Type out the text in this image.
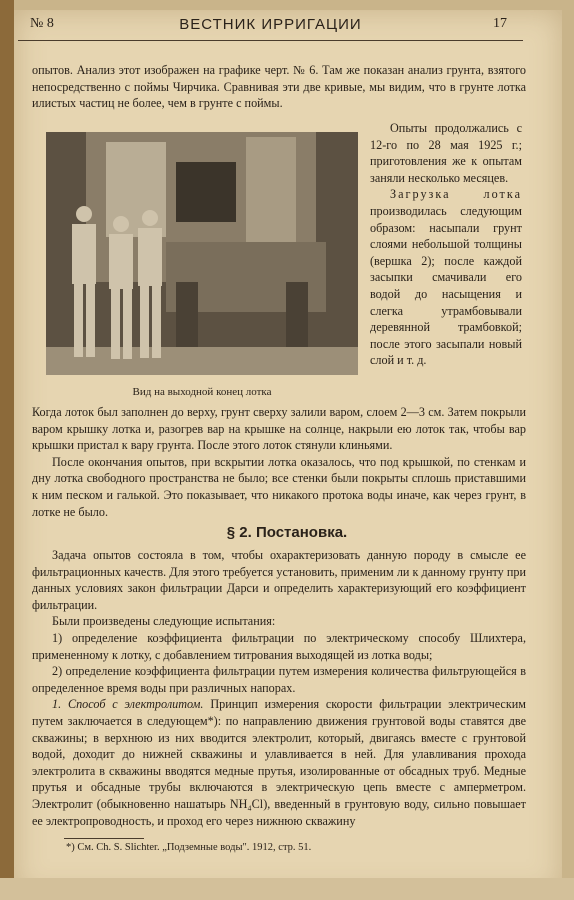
№ 8	ВЕСТНИК ИРРИГАЦИИ	17

опытов. Анализ этот изображен на графике черт. № 6. Там же показан анализ грунта, взятого непосредственно с поймы Чирчика. Сравнивая эти две кривые, мы видим, что в грунте лотка илистых частиц не более, чем в грунте с поймы.

Вид на выходной конец лотка

Опыты продолжались с 12-го по 28 мая 1925 г.; приготовления же к опытам заняли несколько месяцев.

Загрузка лотка производилась следующим образом: насыпали грунт слоями небольшой толщины (вершка 2); после каждой засыпки смачивали его водой до насыщения и слегка утрамбовывали деревянной трамбовкой; после этого засыпали новый слой и т. д.

Когда лоток был заполнен до верху, грунт сверху залили варом, слоем 2—3 см. Затем покрыли варом крышку лотка и, разогрев вар на крышке на солнце, накрыли ею лоток так, чтобы вар крышки пристал к вару грунта. После этого лоток стянули клиньями.

После окончания опытов, при вскрытии лотка оказалось, что под крышкой, по стенкам и дну лотка свободного пространства не было; все стенки были покрыты сплошь приставшими к ним песком и галькой. Это показывает, что никакого протока воды иначе, как через грунт, в лотке не было.

§ 2. Постановка.

Задача опытов состояла в том, чтобы охарактеризовать данную породу в смысле ее фильтрационных качеств. Для этого требуется установить, применим ли к данному грунту при данных условиях закон фильтрации Дарси и определить характеризующий его коэффициент фильтрации.

Были произведены следующие испытания:

1) определение коэффициента фильтрации по электрическому способу Шлихтера, примененному к лотку, с добавлением титрования выходящей из лотка воды;

2) определение коэффициента фильтрации путем измерения количества фильтрующейся в определенное время воды при различных напорах.

1. Способ с электролитом. Принцип измерения скорости фильтрации электрическим путем заключается в следующем*): по направлению движения грунтовой воды ставятся две скважины; в верхнюю из них вводится электролит, который, двигаясь вместе с грунтовой водой, доходит до нижней скважины и улавливается в ней. Для улавливания прохода электролита в скважины вводятся медные прутья, изолированные от обсадных труб. Медные прутья и обсадные трубы включаются в электрическую цепь вместе с амперметром. Электролит (обыкновенно нашатырь NH₄Cl), введенный в грунтовую воду, сильно повышает ее электропроводность, и проход его через нижнюю скважину

*) См. Ch. S. Slichter. „Подземные воды". 1912, стр. 51.
